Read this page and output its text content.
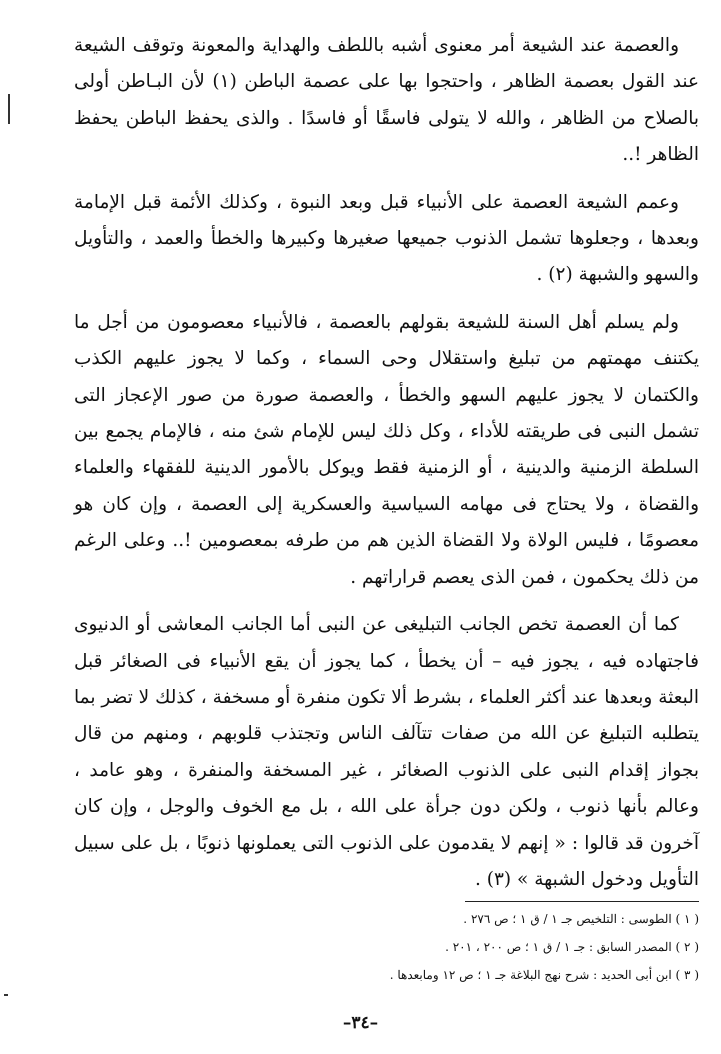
والعصمة عند الشيعة أمر معنوى أشبه باللطف والهداية والمعونة وتوقف الشيعة عند القول بعصمة الظاهر ، واحتجوا بها على عصمة الباطن (١) لأن البـاطن أولى بالصلاح من الظاهر ، والله لا يتولى فاسقًا أو فاسدًا . والذى يحفظ الباطن يحفظ الظاهر !..

وعمم الشيعة العصمة على الأنبياء قبل وبعد النبوة ، وكذلك الأئمة قبل الإمامة وبعدها ، وجعلوها تشمل الذنوب جميعها صغيرها وكبيرها والخطأ والعمد ، والتأويل والسهو والشبهة (٢) .

ولم يسلم أهل السنة للشيعة بقولهم بالعصمة ، فالأنبياء معصومون من أجل ما يكتنف مهمتهم من تبليغ واستقلال وحى السماء ، وكما لا يجوز عليهم الكذب والكتمان لا يجوز عليهم السهو والخطأ ، والعصمة صورة من صور الإعجاز التى تشمل النبى فى طريقته للأداء ، وكل ذلك ليس للإمام شئ منه ، فالإمام يجمع بين السلطة الزمنية والدينية ، أو الزمنية فقط ويوكل بالأمور الدينية للفقهاء والعلماء والقضاة ، ولا يحتاج فى مهامه السياسية والعسكرية إلى العصمة ، وإن كان هو معصومًا ، فليس الولاة ولا القضاة الذين هم من طرفه بمعصومين !.. وعلى الرغم من ذلك يحكمون ، فمن الذى يعصم قراراتهم .

كما أن العصمة تخص الجانب التبليغى عن النبى أما الجانب المعاشى أو الدنيوى فاجتهاده فيه ، يجوز فيه – أن يخطأ ، كما يجوز أن يقع الأنبياء فى الصغائر قبل البعثة وبعدها عند أكثر العلماء ، بشرط ألا تكون منفرة أو مسخفة ، كذلك لا تضر بما يتطلبه التبليغ عن الله من صفات تتآلف الناس وتجتذب قلوبهم ، ومنهم من قال بجواز إقدام النبى على الذنوب الصغائر ، غير المسخفة والمنفرة ، وهو عامد ، وعالم بأنها ذنوب ، ولكن دون جرأة على الله ، بل مع الخوف والوجل ، وإن كان آخرون قد قالوا : « إنهم لا يقدمون على الذنوب التى يعملونها ذنوبًا ، بل على سبيل التأويل ودخول الشبهة » (٣) .

( ١ ) الطوسى : التلخيص جـ ١ / ق ١ ؛ ص ٢٧٦ .

( ٢ ) المصدر السابق : جـ ١ / ق ١ ؛ ص ٢٠٠ ، ٢٠١ .

( ٣ ) ابن أبى الحديد : شرح نهج البلاغة جـ ١ ؛ ص ١٢ ومابعدها .

–٣٤–
